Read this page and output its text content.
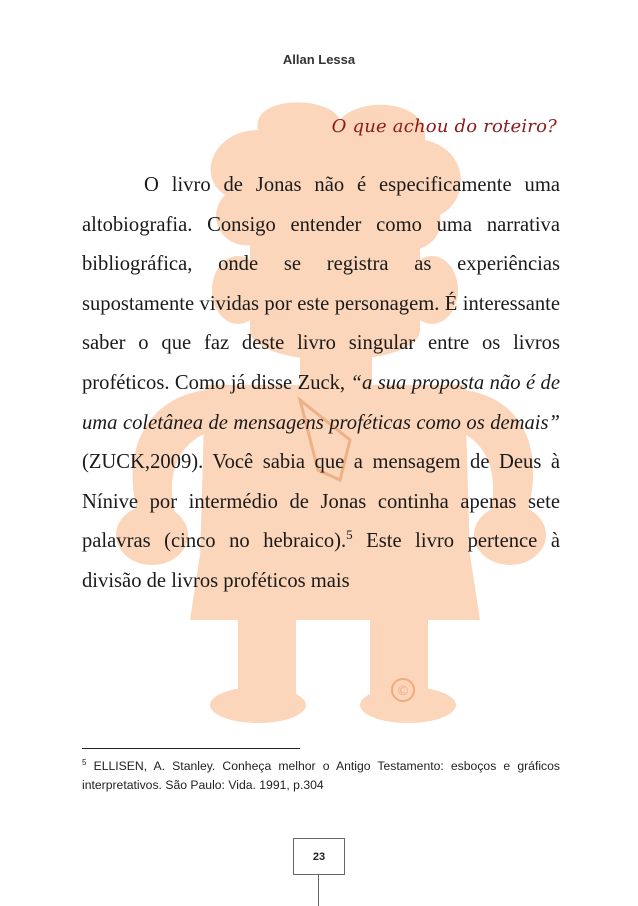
©
Allan Lessa
O que achou do roteiro?

O livro de Jonas não é especificamente uma altobiografia. Consigo entender como uma narrativa bibliográfica, onde se registra as experiências supostamente vividas por este personagem. É interessante saber o que faz deste livro singular entre os livros proféticos. Como já disse Zuck, “a sua proposta não é de uma coletânea de mensagens proféticas como os demais” (ZUCK,2009). Você sabia que a mensagem de Deus à Nínive por intermédio de Jonas continha apenas sete palavras (cinco no hebraico).$^5$ Este livro pertence à divisão de livros proféticos mais

$^5$ ELLISEN, A. Stanley. Conheça melhor o Antigo Testamento: esboços e gráficos interpretativos. São Paulo: Vida. 1991, p.304
23
